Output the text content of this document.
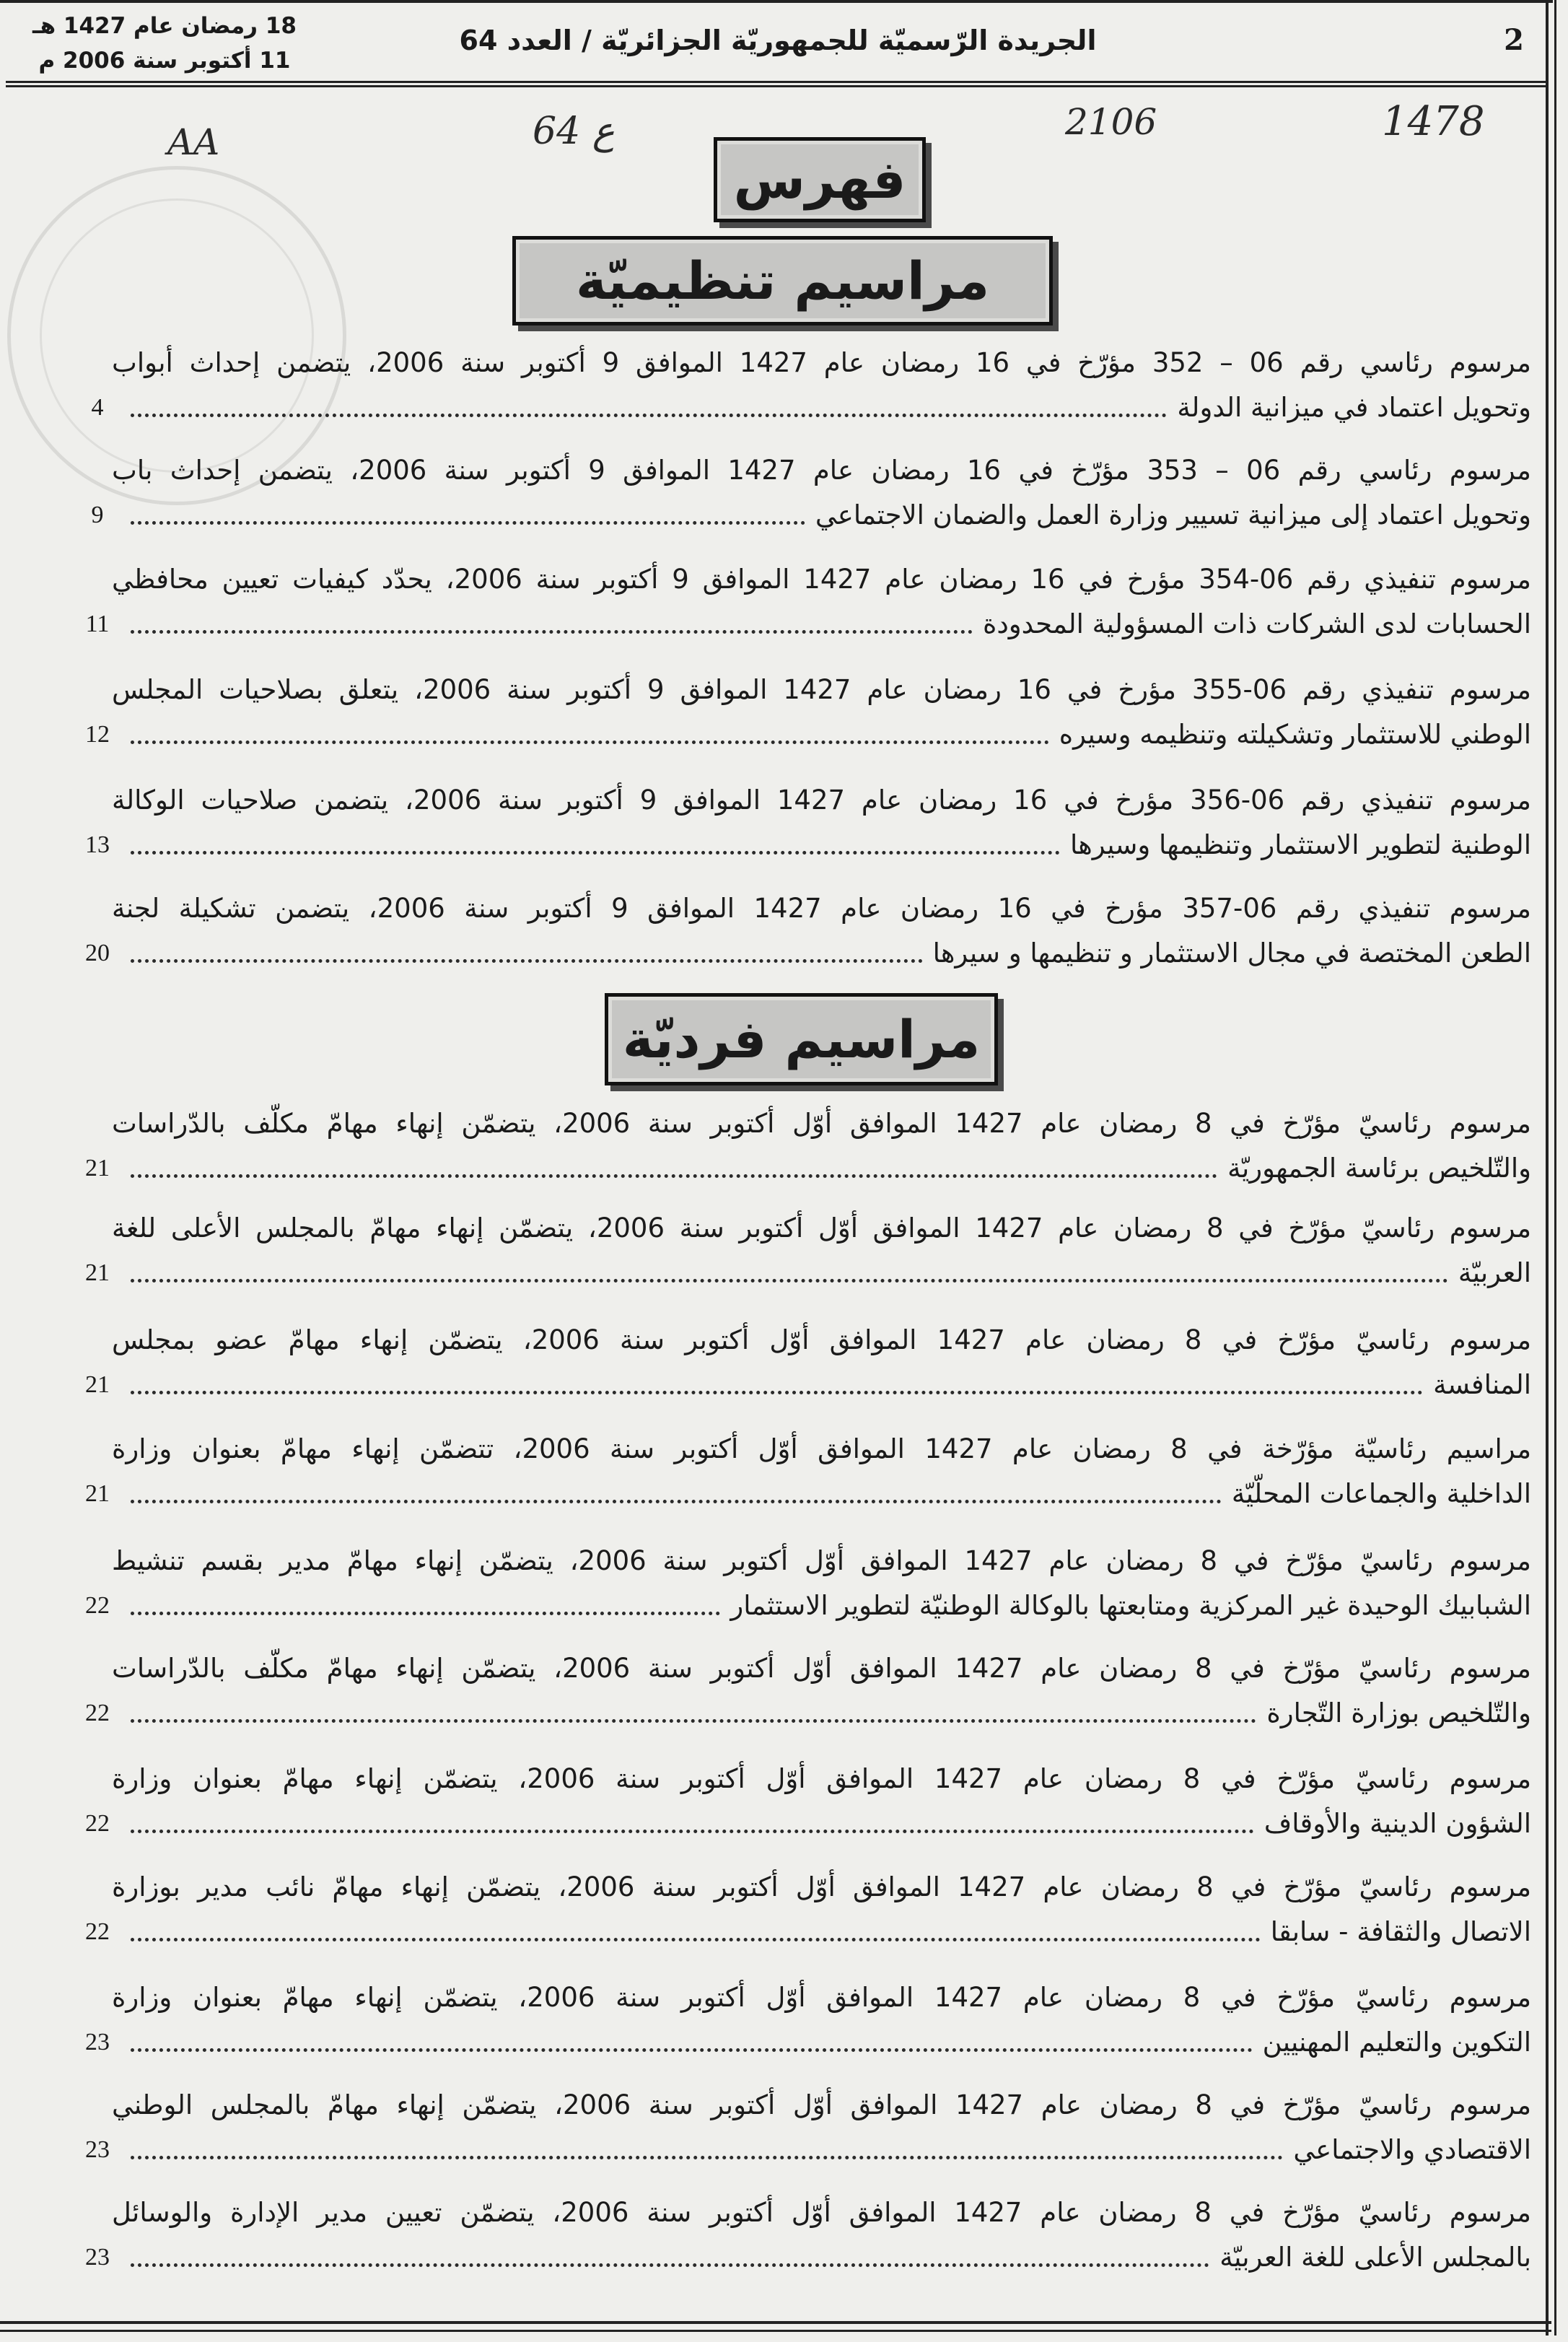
2
الجريدة الرّسميّة للجمهوريّة الجزائريّة / العدد 64
18 رمضان عام 1427 هـ
11 أكتوبر سنة 2006 م
1478
2106
64 ع
AA
فهرس
مراسيم تنظيميّة
مرسوم رئاسي رقم 06 – 352 مؤرّخ في 16 رمضان عام 1427 الموافق 9 أكتوبر سنة 2006، يتضمن إحداث أبواب
وتحويل اعتماد في ميزانية الدولة
4
مرسوم رئاسي رقم 06 – 353 مؤرّخ في 16 رمضان عام 1427 الموافق 9 أكتوبر سنة 2006، يتضمن إحداث باب
وتحويل اعتماد إلى ميزانية تسيير وزارة العمل والضمان الاجتماعي
9
مرسوم تنفيذي رقم 06-354 مؤرخ في 16 رمضان عام 1427 الموافق 9 أكتوبر سنة 2006، يحدّد كيفيات تعيين محافظي
الحسابات لدى الشركات ذات المسؤولية المحدودة
11
مرسوم تنفيذي رقم 06-355 مؤرخ في 16 رمضان عام 1427 الموافق 9 أكتوبر سنة 2006، يتعلق بصلاحيات المجلس
الوطني للاستثمار وتشكيلته وتنظيمه وسيره
12
مرسوم تنفيذي رقم 06-356 مؤرخ في 16 رمضان عام 1427 الموافق 9 أكتوبر سنة 2006، يتضمن صلاحيات الوكالة
الوطنية لتطوير الاستثمار وتنظيمها وسيرها
13
مرسوم تنفيذي رقم 06-357 مؤرخ في 16 رمضان عام 1427 الموافق 9 أكتوبر سنة 2006، يتضمن تشكيلة لجنة
الطعن المختصة في مجال الاستثمار و تنظيمها و سيرها
20
مراسيم فرديّة
مرسوم رئاسيّ مؤرّخ في 8 رمضان عام 1427 الموافق أوّل أكتوبر سنة 2006، يتضمّن إنهاء مهامّ مكلّف بالدّراسات
والتّلخيص برئاسة الجمهوريّة
21
مرسوم رئاسيّ مؤرّخ في 8 رمضان عام 1427 الموافق أوّل أكتوبر سنة 2006، يتضمّن إنهاء مهامّ بالمجلس الأعلى للغة
العربيّة
21
مرسوم رئاسيّ مؤرّخ في 8 رمضان عام 1427 الموافق أوّل أكتوبر سنة 2006، يتضمّن إنهاء مهامّ عضو بمجلس
المنافسة
21
مراسيم رئاسيّة مؤرّخة في 8 رمضان عام 1427 الموافق أوّل أكتوبر سنة 2006، تتضمّن إنهاء مهامّ بعنوان وزارة
الداخلية والجماعات المحلّيّة
21
مرسوم رئاسيّ مؤرّخ في 8 رمضان عام 1427 الموافق أوّل أكتوبر سنة 2006، يتضمّن إنهاء مهامّ مدير بقسم تنشيط
الشبابيك الوحيدة غير المركزية ومتابعتها بالوكالة الوطنيّة لتطوير الاستثمار
22
مرسوم رئاسيّ مؤرّخ في 8 رمضان عام 1427 الموافق أوّل أكتوبر سنة 2006، يتضمّن إنهاء مهامّ مكلّف بالدّراسات
والتّلخيص بوزارة التّجارة
22
مرسوم رئاسيّ مؤرّخ في 8 رمضان عام 1427 الموافق أوّل أكتوبر سنة 2006، يتضمّن إنهاء مهامّ بعنوان وزارة
الشؤون الدينية والأوقاف
22
مرسوم رئاسيّ مؤرّخ في 8 رمضان عام 1427 الموافق أوّل أكتوبر سنة 2006، يتضمّن إنهاء مهامّ نائب مدير بوزارة
الاتصال والثقافة - سابقا
22
مرسوم رئاسيّ مؤرّخ في 8 رمضان عام 1427 الموافق أوّل أكتوبر سنة 2006، يتضمّن إنهاء مهامّ بعنوان وزارة
التكوين والتعليم المهنيين
23
مرسوم رئاسيّ مؤرّخ في 8 رمضان عام 1427 الموافق أوّل أكتوبر سنة 2006، يتضمّن إنهاء مهامّ بالمجلس الوطني
الاقتصادي والاجتماعي
23
مرسوم رئاسيّ مؤرّخ في 8 رمضان عام 1427 الموافق أوّل أكتوبر سنة 2006، يتضمّن تعيين مدير الإدارة والوسائل
بالمجلس الأعلى للغة العربيّة
23
